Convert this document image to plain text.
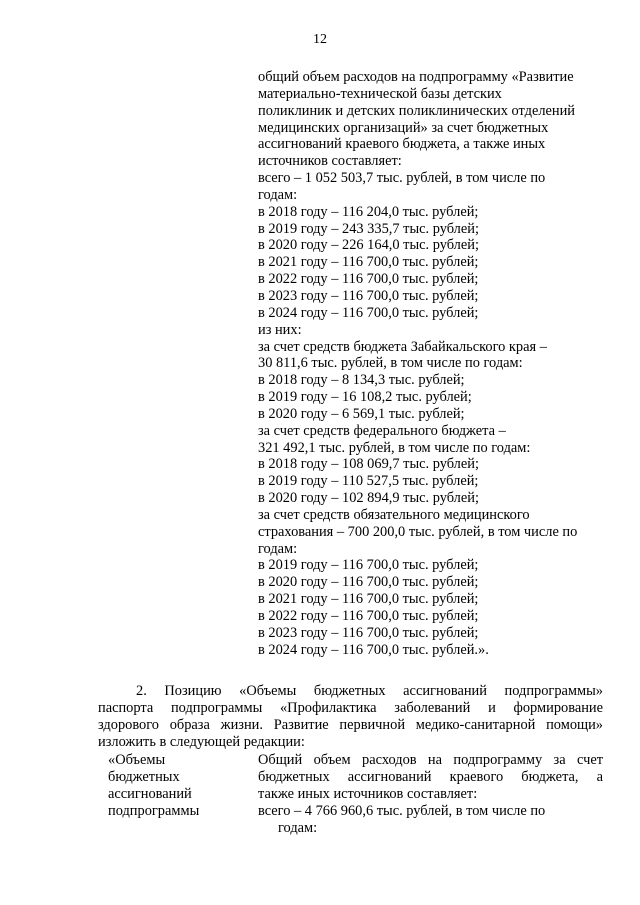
12
общий объем расходов на подпрограмму «Развитие
материально-технической базы детских
поликлиник и детских поликлинических отделений
медицинских организаций» за счет бюджетных
ассигнований краевого бюджета, а также иных
источников составляет:
всего – 1 052 503,7 тыс. рублей, в том числе по
годам:
в 2018 году – 116 204,0 тыс. рублей;
в 2019 году – 243 335,7 тыс. рублей;
в 2020 году – 226 164,0 тыс. рублей;
в 2021 году – 116 700,0 тыс. рублей;
в 2022 году – 116 700,0 тыс. рублей;
в 2023 году – 116 700,0 тыс. рублей;
в 2024 году – 116 700,0 тыс. рублей;
из них:
за счет средств бюджета Забайкальского края –
30 811,6 тыс. рублей, в том числе по годам:
в 2018 году – 8 134,3 тыс. рублей;
в 2019 году – 16 108,2 тыс. рублей;
в 2020 году – 6 569,1 тыс. рублей;
за счет средств федерального бюджета –
321 492,1 тыс. рублей, в том числе по годам:
в 2018 году – 108 069,7 тыс. рублей;
в 2019 году – 110 527,5 тыс. рублей;
в 2020 году – 102 894,9 тыс. рублей;
за счет средств обязательного медицинского
страхования – 700 200,0 тыс. рублей, в том числе по
годам:
в 2019 году – 116 700,0 тыс. рублей;
в 2020 году – 116 700,0 тыс. рублей;
в 2021 году – 116 700,0 тыс. рублей;
в 2022 году – 116 700,0 тыс. рублей;
в 2023 году – 116 700,0 тыс. рублей;
в 2024 году – 116 700,0 тыс. рублей.».
2. Позицию «Объемы бюджетных ассигнований подпрограммы»
паспорта подпрограммы «Профилактика заболеваний и формирование
здорового образа жизни. Развитие первичной медико-санитарной помощи»
изложить в следующей редакции:
«Объемы
бюджетных
ассигнований
подпрограммы
Общий объем расходов на подпрограмму за счет
бюджетных ассигнований краевого бюджета, а
также иных источников составляет:
всего – 4 766 960,6 тыс. рублей, в том числе по
годам:
